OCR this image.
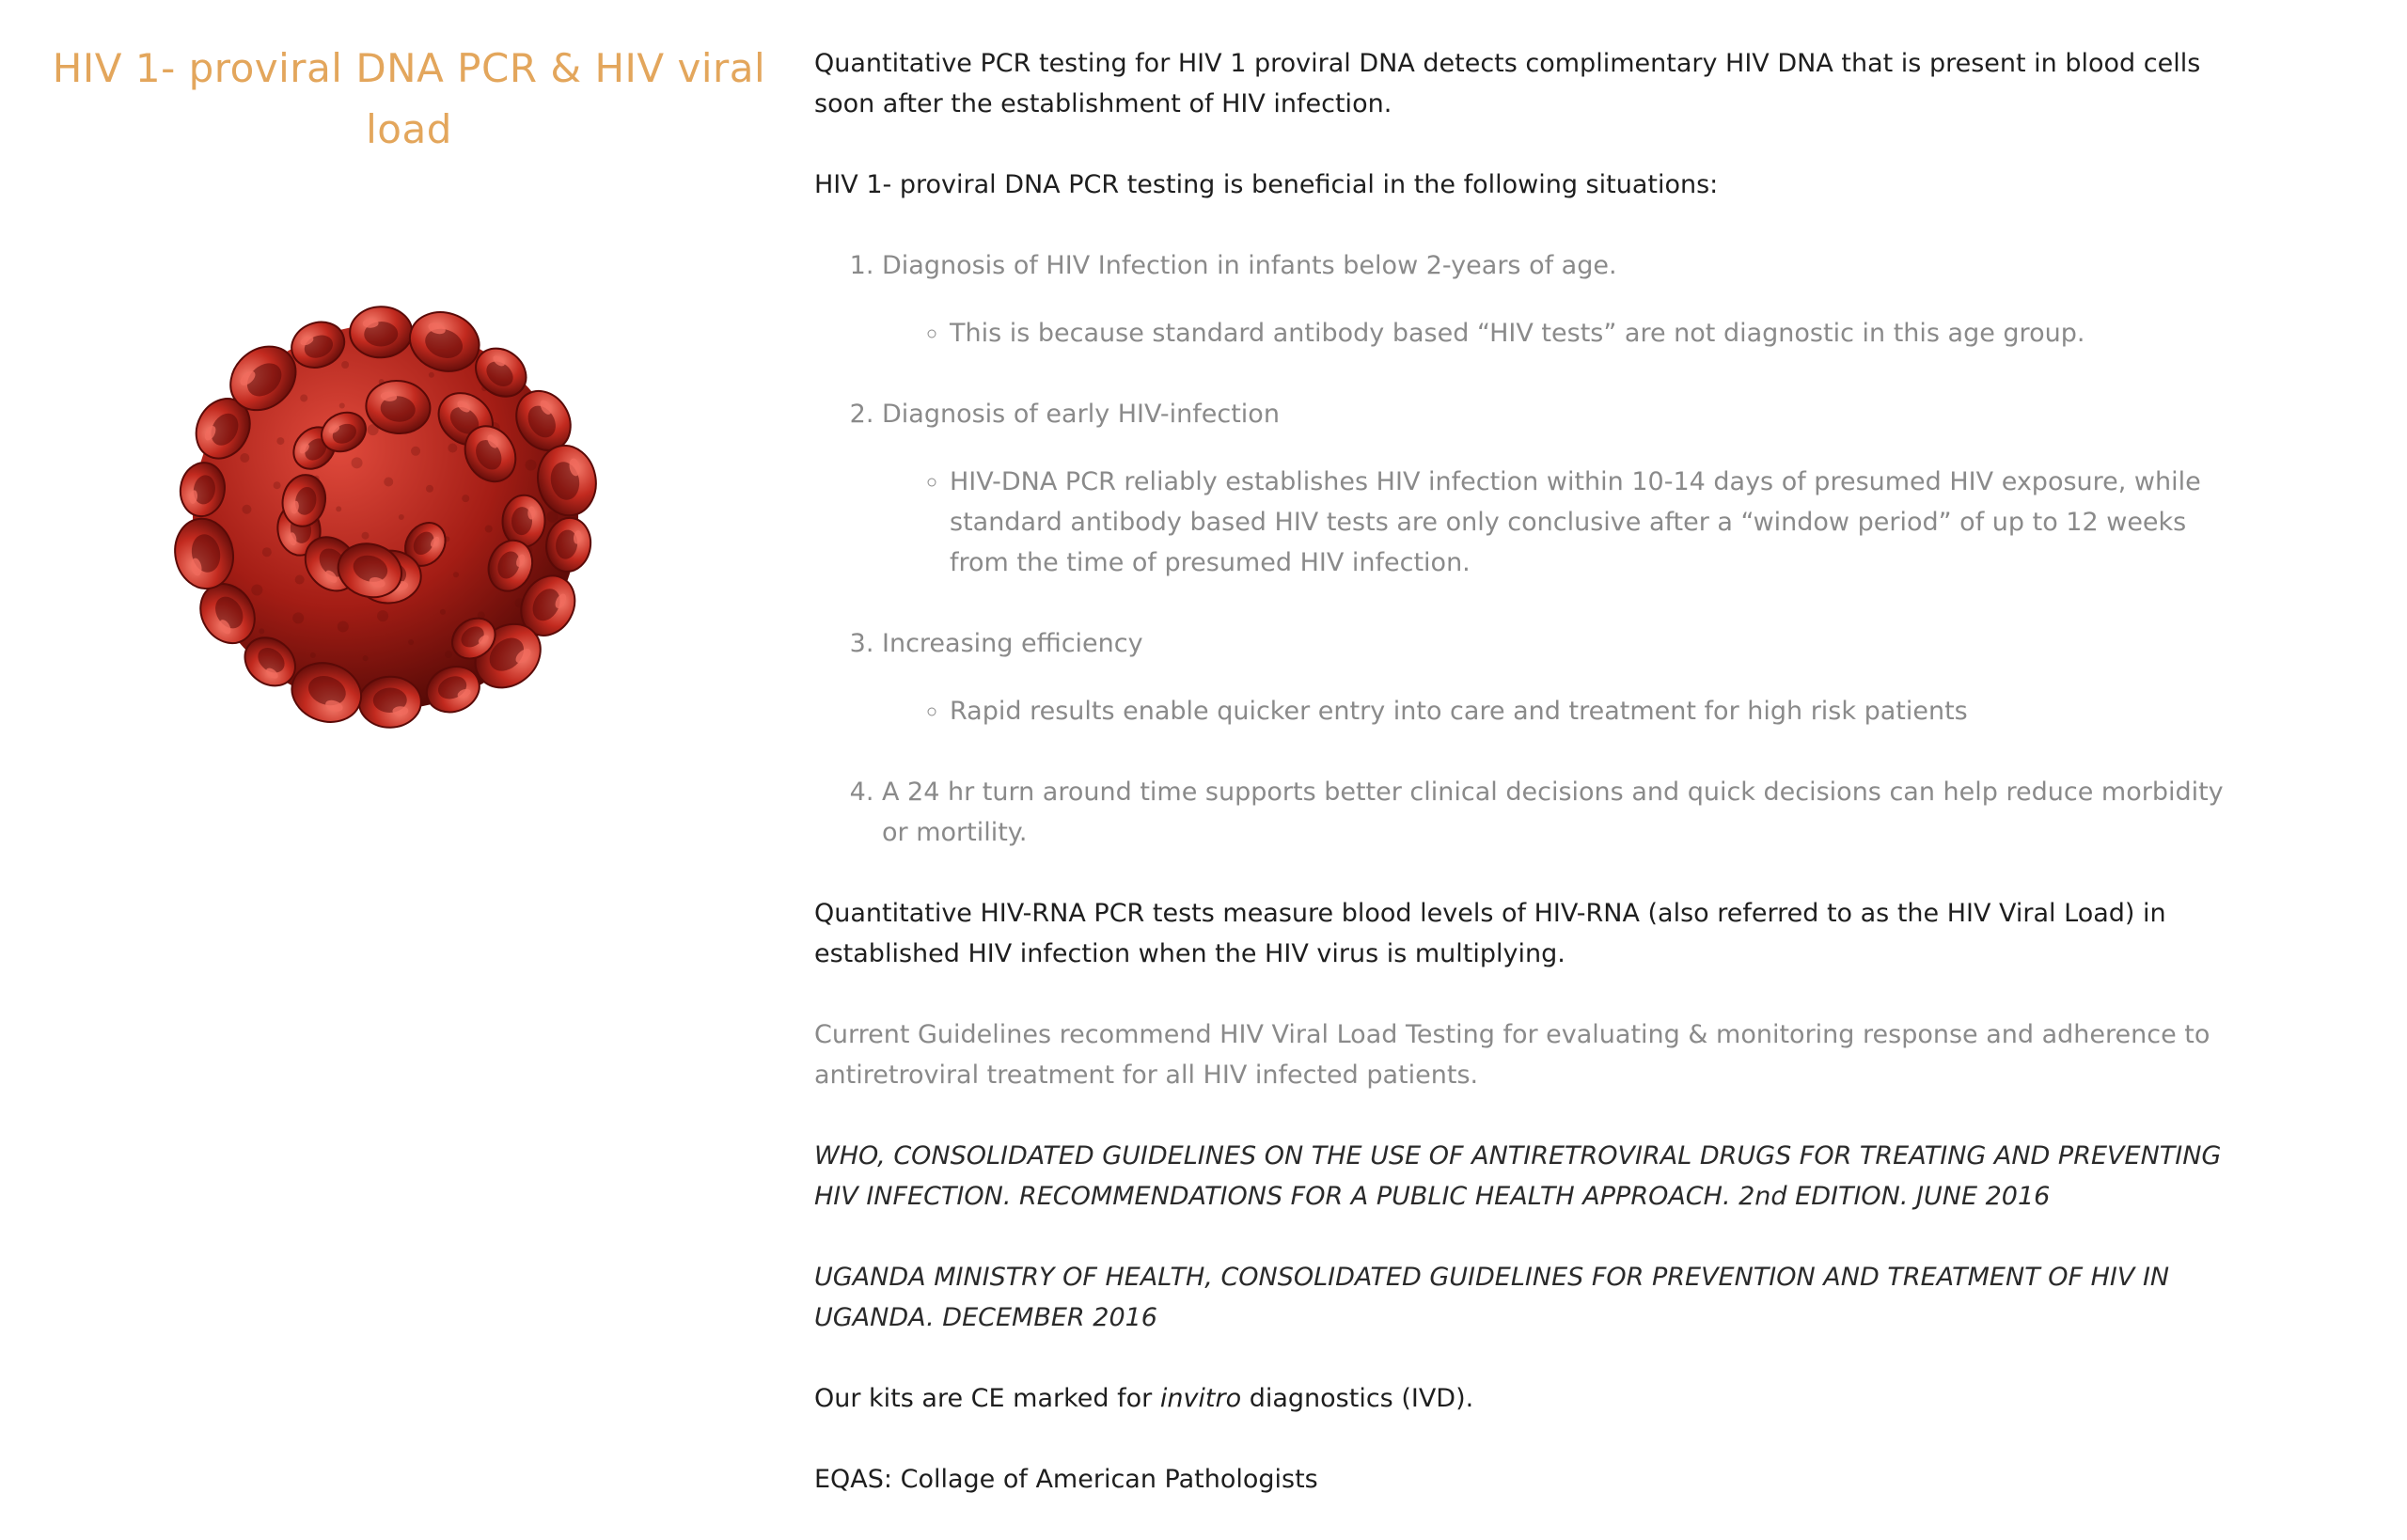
HIV 1- proviral DNA PCR & HIV viral load

Quantitative PCR testing for HIV 1 proviral DNA detects complimentary HIV DNA that is present in blood cells soon after the establishment of HIV infection.

HIV 1- proviral DNA PCR testing is beneficial in the following situations:

1. Diagnosis of HIV Infection in infants below 2-years of age.
◦ This is because standard antibody based “HIV tests” are not diagnostic in this age group.
2. Diagnosis of early HIV-infection
◦ HIV-DNA PCR reliably establishes HIV infection within 10-14 days of presumed HIV exposure, while standard antibody based HIV tests are only conclusive after a “window period” of up to 12 weeks from the time of presumed HIV infection.
3. Increasing efficiency
◦ Rapid results enable quicker entry into care and treatment for high risk patients
4. A 24 hr turn around time supports better clinical decisions and quick decisions can help reduce morbidity or mortility.

Quantitative HIV-RNA PCR tests measure blood levels of HIV-RNA (also referred to as the HIV Viral Load) in established HIV infection when the HIV virus is multiplying.

Current Guidelines recommend HIV Viral Load Testing for evaluating & monitoring response and adherence to antiretroviral treatment for all HIV infected patients.

WHO, CONSOLIDATED GUIDELINES ON THE USE OF ANTIRETROVIRAL DRUGS FOR TREATING AND PREVENTING HIV INFECTION. RECOMMENDATIONS FOR A PUBLIC HEALTH APPROACH. 2nd EDITION. JUNE 2016

UGANDA MINISTRY OF HEALTH, CONSOLIDATED GUIDELINES FOR PREVENTION AND TREATMENT OF HIV IN UGANDA. DECEMBER 2016

Our kits are CE marked for invitro diagnostics (IVD).

EQAS: Collage of American Pathologists
